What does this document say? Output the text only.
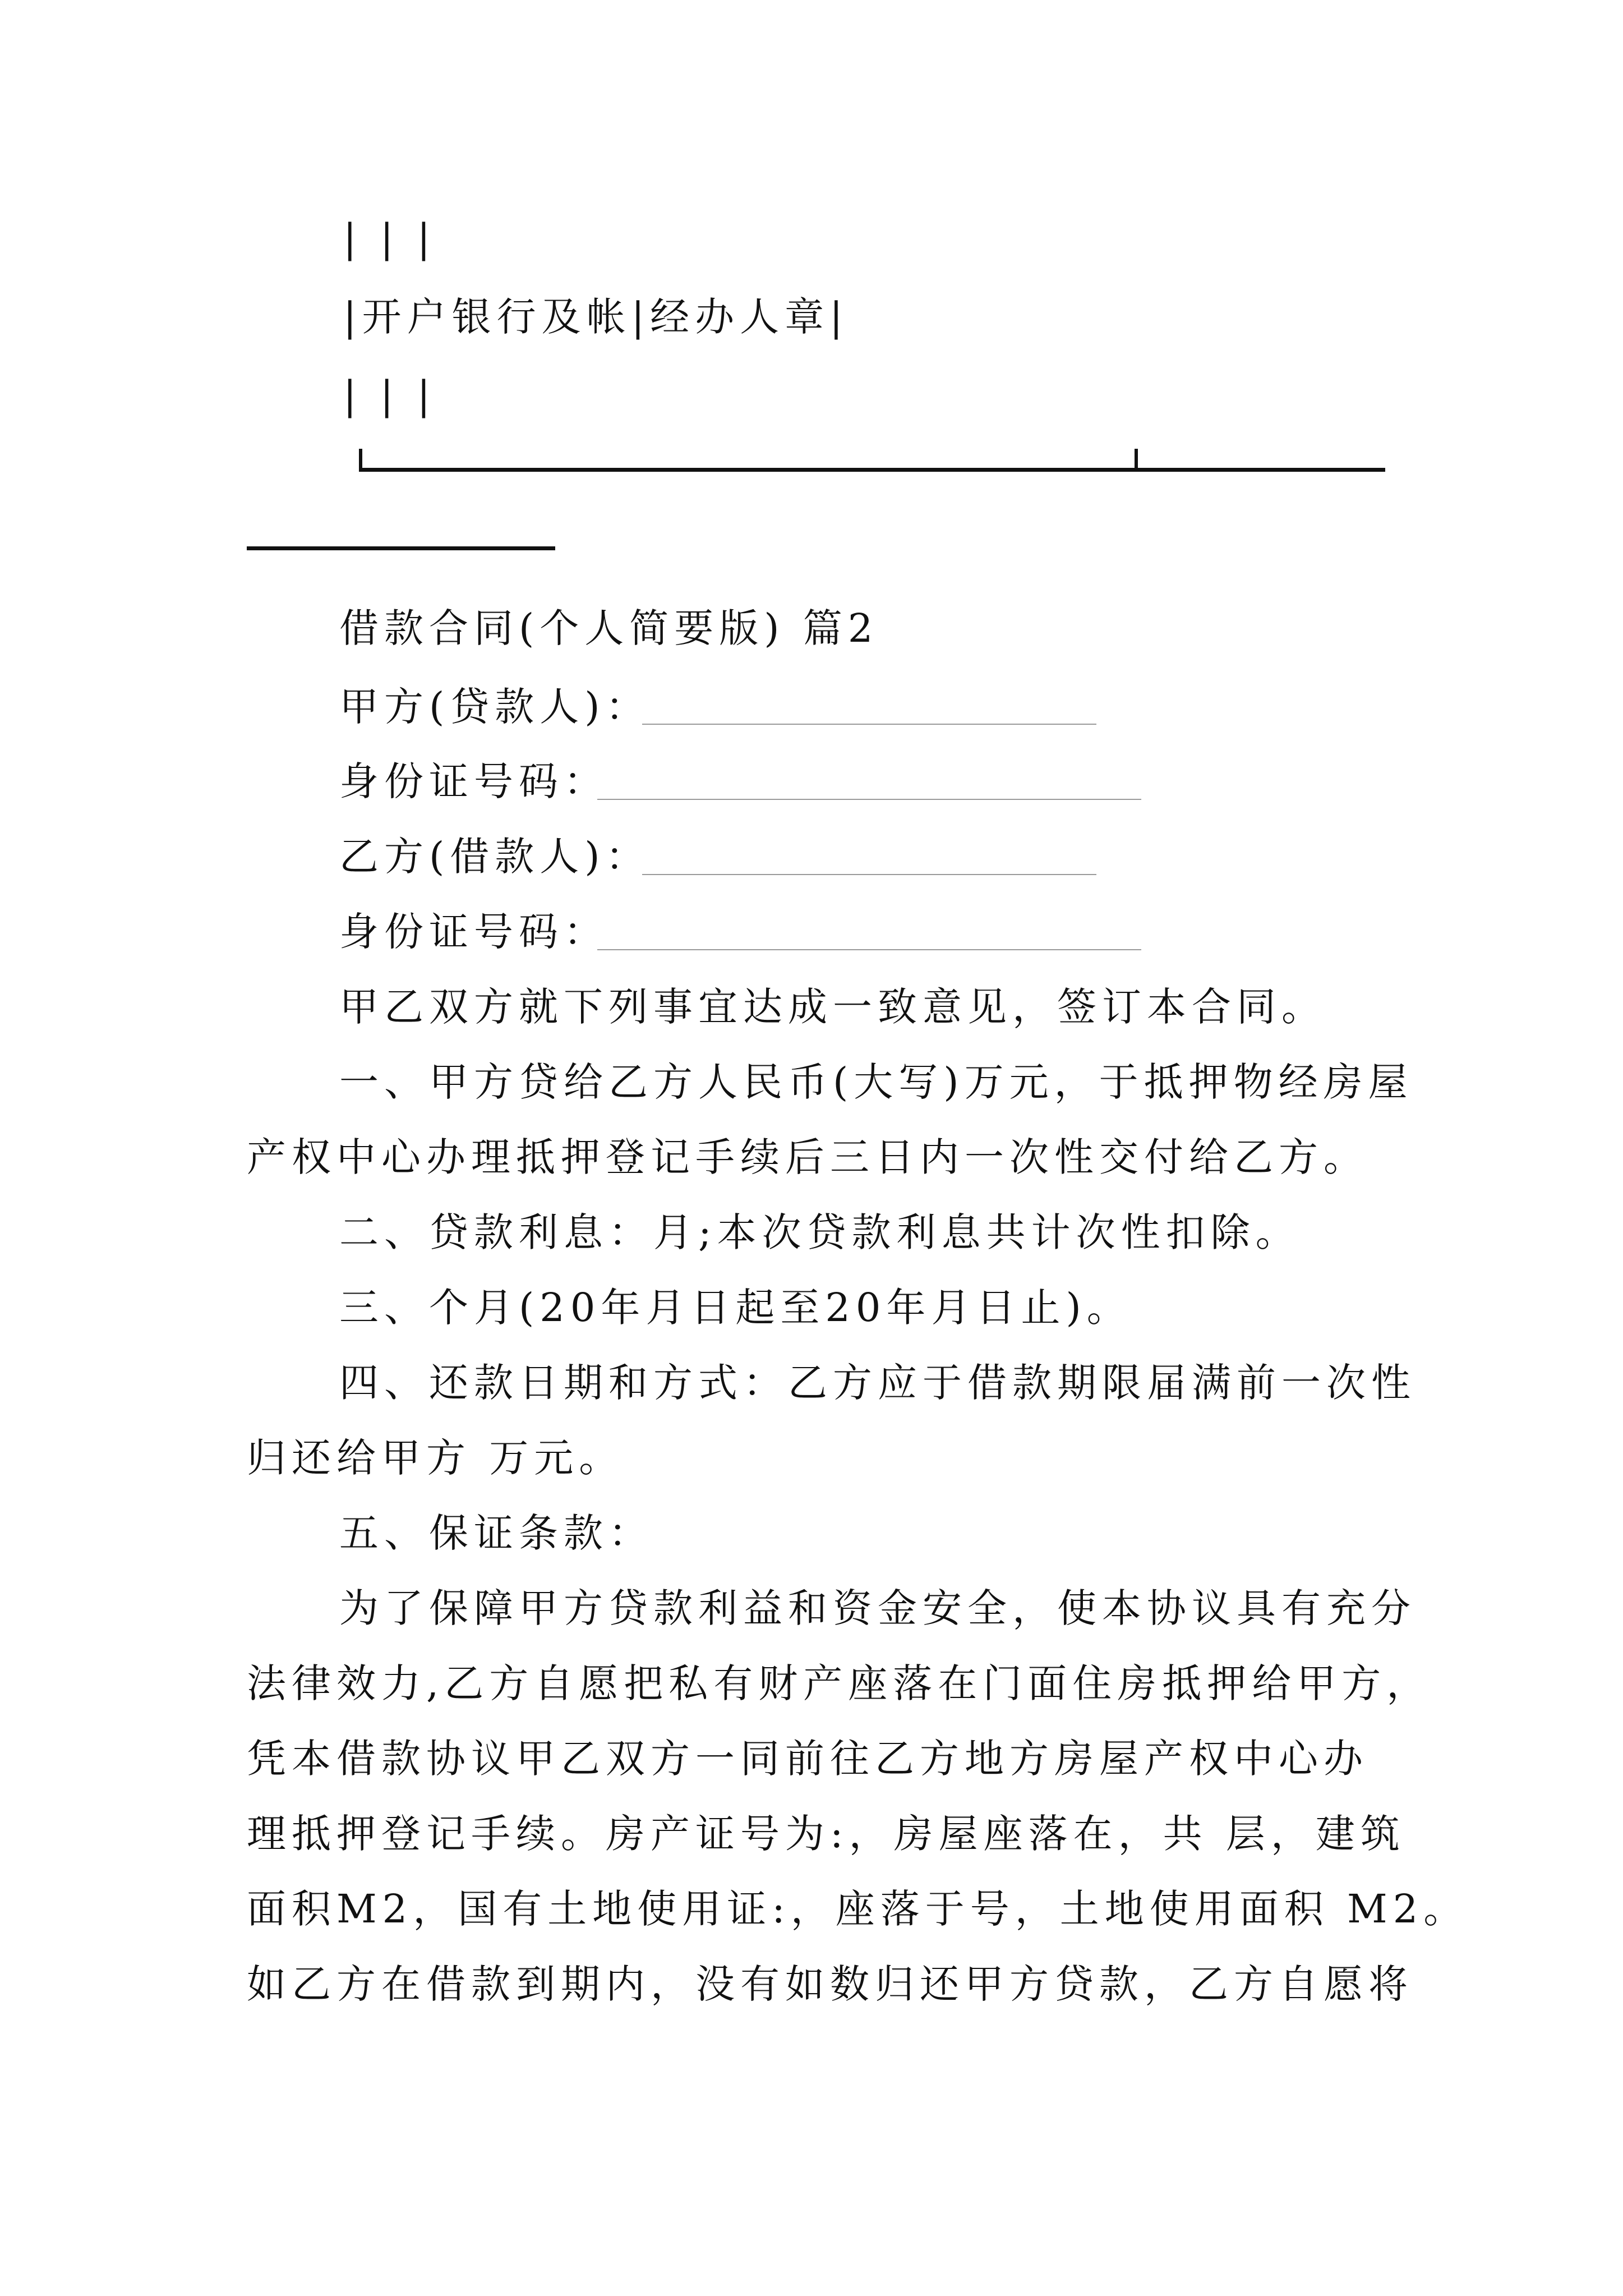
| | |
|开户银行及帐|经办人章|
| | |
借款合同(个人简要版) 篇2
甲方(贷款人)：
身份证号码：
乙方(借款人)：
身份证号码：
甲乙双方就下列事宜达成一致意见，签订本合同。
一、甲方贷给乙方人民币(大写)万元，于抵押物经房屋
产权中心办理抵押登记手续后三日内一次性交付给乙方。
二、贷款利息：月;本次贷款利息共计次性扣除。
三、个月(20年月日起至20年月日止)。
四、还款日期和方式：乙方应于借款期限届满前一次性
归还给甲方 万元。
五、保证条款：
为了保障甲方贷款利益和资金安全，使本协议具有充分
法律效力,乙方自愿把私有财产座落在门面住房抵押给甲方，
凭本借款协议甲乙双方一同前往乙方地方房屋产权中心办
理抵押登记手续。房产证号为:，房屋座落在，共 层，建筑
面积M2，国有土地使用证:，座落于号，土地使用面积 M2。
如乙方在借款到期内，没有如数归还甲方贷款，乙方自愿将
